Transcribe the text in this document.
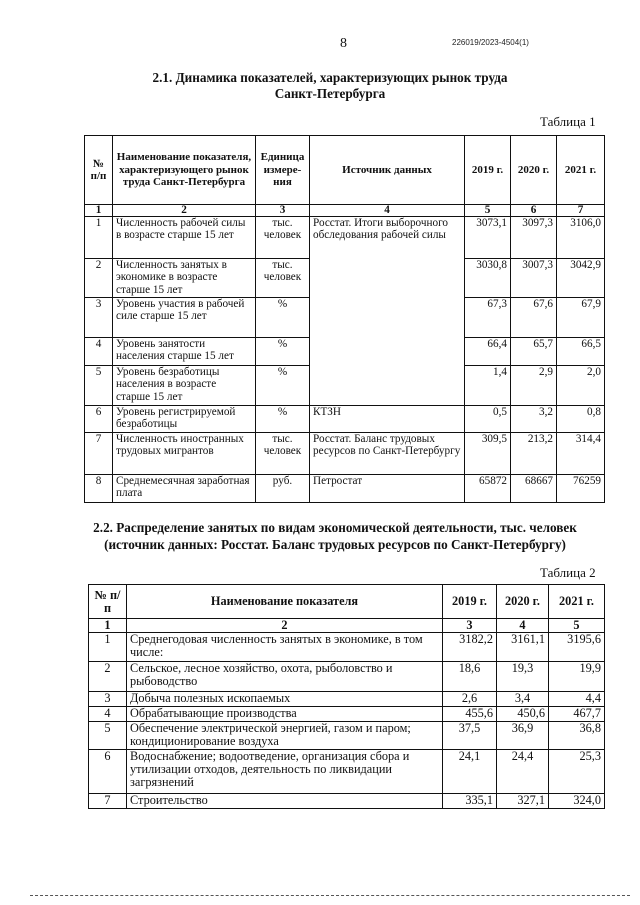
8	226019/2023-4504(1)
2.1. Динамика показателей, характеризующих рынок труда
Санкт-Петербурга
Таблица 1
№ п/п	Наименование показателя, характеризующего рынок труда Санкт-Петербурга	Единица измере-ния	Источник данных	2019 г.	2020 г.	2021 г.
1	2	3	4	5	6	7
1	Численность рабочей силы в возрасте старше 15 лет	тыс. человек	Росстат. Итоги выборочного обследования рабочей силы	3073,1	3097,3	3106,0
2	Численность занятых в экономике в возрасте старше 15 лет	тыс. человек		3030,8	3007,3	3042,9
3	Уровень участия в рабочей силе старше 15 лет	%		67,3	67,6	67,9
4	Уровень занятости населения старше 15 лет	%		66,4	65,7	66,5
5	Уровень безработицы населения в возрасте старше 15 лет	%		1,4	2,9	2,0
6	Уровень регистрируемой безработицы	%	КТЗН	0,5	3,2	0,8
7	Численность иностранных трудовых мигрантов	тыс. человек	Росстат. Баланс трудовых ресурсов по Санкт-Петербургу	309,5	213,2	314,4
8	Среднемесячная заработная плата	руб.	Петростат	65872	68667	76259
2.2. Распределение занятых по видам экономической деятельности, тыс. человек
(источник данных: Росстат. Баланс трудовых ресурсов по Санкт-Петербургу)
Таблица 2
№ п/п	Наименование показателя	2019 г.	2020 г.	2021 г.
1	2	3	4	5
1	Среднегодовая численность занятых в экономике, в том числе:	3182,2	3161,1	3195,6
2	Сельское, лесное хозяйство, охота, рыболовство и рыбоводство	18,6	19,3	19,9
3	Добыча полезных ископаемых	2,6	3,4	4,4
4	Обрабатывающие производства	455,6	450,6	467,7
5	Обеспечение электрической энергией, газом и паром; кондиционирование воздуха	37,5	36,9	36,8
6	Водоснабжение; водоотведение, организация сбора и утилизации отходов, деятельность по ликвидации загрязнений	24,1	24,4	25,3
7	Строительство	335,1	327,1	324,0
